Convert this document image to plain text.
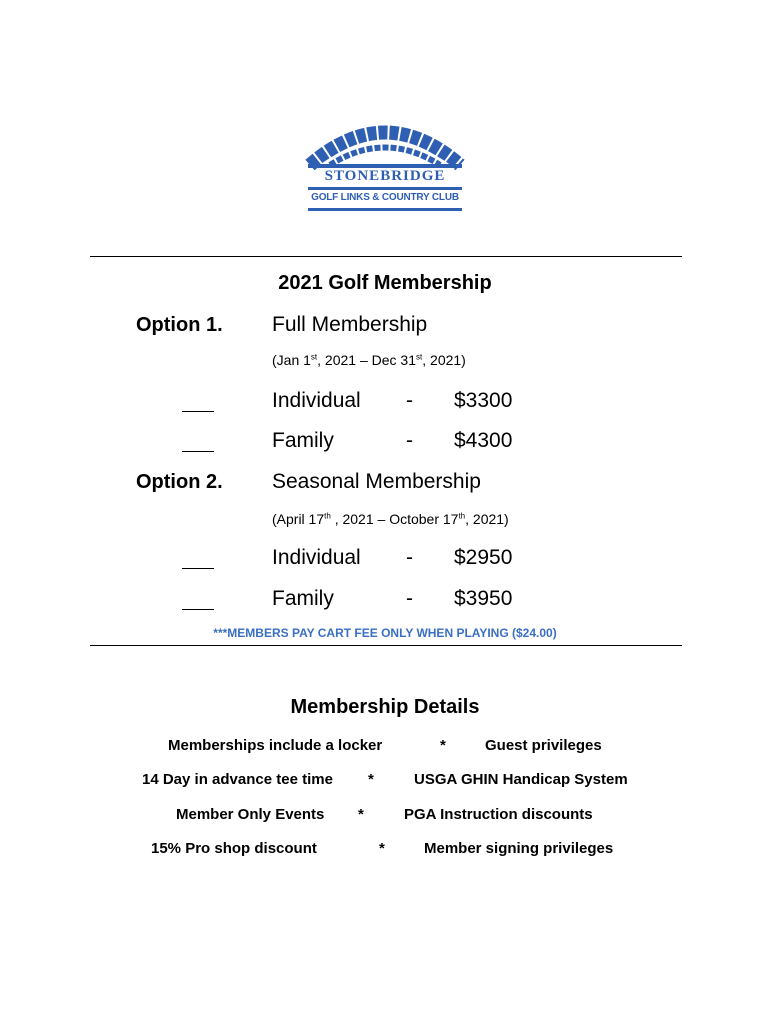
STONEBRIDGE
GOLF LINKS & COUNTRY CLUB
2021 Golf Membership
Option 1. Full Membership
(Jan 1st, 2021 – Dec 31st, 2021)
Individual - $3300
Family	- $4300
Option 2. Seasonal Membership
(April 17th , 2021 – October 17th, 2021)
Individual - $2950
Family	- $3950
***MEMBERS PAY CART FEE ONLY WHEN PLAYING ($24.00)
Membership Details
Memberships include a locker	*	Guest privileges
14 Day in advance tee time *	USGA GHIN Handicap System
Member Only Events *	PGA Instruction discounts
15% Pro shop discount	*	Member signing privileges
